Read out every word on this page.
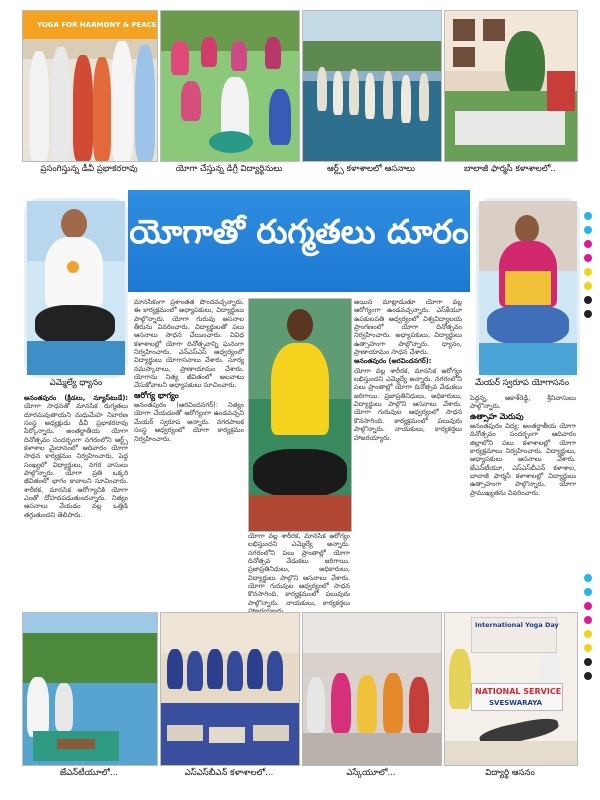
YOGA FOR HARMONY & PEACE
ప్రసంగిస్తున్న డీవీ ప్రభాకరరావు	యోగా చేస్తున్న డిగ్రీ విద్యార్థినులు	ఆర్ట్స్ కళాశాలలో ఆసనాలు	బాలాజీ ఫార్మసీ కళాశాలలో..
ఎమ్మెల్యే ధ్యానం
యోగాతో రుగ్మతలు దూరం
మేయర్ స్వరూప యోగాసనం

అనంతపురం (క్రీడలు, న్యూస్‌టుడే): యోగా సాధనతో మానసిక రుగ్మతలు దూరమవుతాయని మధుమేహ నివారణ సంస్థ అధ్యక్షుడు డీవీ ప్రభాకరరావు పేర్కొన్నారు. అంతర్జాతీయ యోగా దినోత్సవం సందర్భంగా నగరంలోని ఆర్ట్స్ కళాశాల మైదానంలో ఆదివారం యోగా సాధన కార్యక్రమం నిర్వహించారు. పెద్ద సంఖ్యలో విద్యార్థులు, నగర వాసులు పాల్గొన్నారు. యోగా ప్రతి ఒక్కరి జీవితంలో భాగం కావాలని సూచించారు. శారీరక, మానసిక ఆరోగ్యానికి యోగా ఎంతో దోహదపడుతుందన్నారు. నిత్యం ఆసనాలు వేయడం వల్ల ఒత్తిడి తగ్గుతుందని తెలిపారు.

మానసికంగా ప్రశాంతత పొందవచ్చన్నారు. ఈ కార్యక్రమంలో అధ్యాపకులు, విద్యార్థులు పాల్గొన్నారు. యోగా గురువు ఆసనాల తీరును వివరించారు. విద్యార్థులతో పలు ఆసనాలు సాధన చేయించారు. వివిధ కళాశాలల్లో యోగా దినోత్సవాన్ని ఘనంగా నిర్వహించారు. ఎన్‌ఎస్‌ఎస్ ఆధ్వర్యంలో విద్యార్థులు యోగాసనాలు వేశారు. సూర్య నమస్కారాలు, ప్రాణాయామం చేశారు. యోగాను నిత్య జీవితంలో అలవాటు చేసుకోవాలని అధ్యాపకులు సూచించారు.

ఆరోగ్య భాగ్యం

అనంతపురం (ఆరవిందనగర్): నిత్యం యోగా చేయడంతో ఆరోగ్యంగా ఉండవచ్చని మేయర్ స్వరూప అన్నారు. నగరపాలక సంస్థ ఆధ్వర్యంలో యోగా కార్యక్రమం నిర్వహించారు.

యోగా వల్ల శారీరక, మానసిక ఆరోగ్యం లభిస్తుందని ఎమ్మెల్యే అన్నారు. నగరంలోని పలు ప్రాంతాల్లో యోగా దినోత్సవ వేడుకలు జరిగాయి. ప్రజాప్రతినిధులు, అధికారులు, విద్యార్థులు పాల్గొని ఆసనాలు వేశారు. యోగా గురువుల ఆధ్వర్యంలో సాధన కొనసాగింది. కార్యక్రమంలో పలువురు పాల్గొన్నారు. నాయకులు, కార్యకర్తలు

అయిన మాట్లాడుతూ యోగా వల్ల ఆరోగ్యంగా ఉండవచ్చన్నారు. ఎస్‌కేయూ ఉపకులపతి ఆధ్వర్యంలో విశ్వవిద్యాలయ ప్రాంగణంలో యోగా దినోత్సవం నిర్వహించారు. అధ్యాపకులు, విద్యార్థులు ఉత్సాహంగా పాల్గొన్నారు. ధ్యానం, ప్రాణాయామం సాధన చేశారు.

అనంతపురం (ఆరవిందనగర్):

యోగా వల్ల శారీరక, మానసిక ఆరోగ్యం లభిస్తుందని ఎమ్మెల్యే అన్నారు. నగరంలోని పలు ప్రాంతాల్లో యోగా దినోత్సవ వేడుకలు జరిగాయి. ప్రజాప్రతినిధులు, అధికారులు, విద్యార్థులు పాల్గొని ఆసనాలు వేశారు. యోగా గురువుల ఆధ్వర్యంలో సాధన కొనసాగింది. కార్యక్రమంలో పలువురు పాల్గొన్నారు. నాయకులు, కార్యకర్తలు హాజరయ్యారు.

పెద్దన్న, ఆకాశ్‌రెడ్డి, శ్రీనివాసులు పాల్గొన్నారు.

ఉత్సాహ మెరుపు

అనంతపురం విద్య: అంతర్జాతీయ యోగా దినోత్సవం సందర్భంగా ఆదివారం జిల్లాలోని పలు కళాశాలల్లో యోగా కార్యక్రమాలు నిర్వహించారు. విద్యార్థులు, అధ్యాపకులు ఆసనాలు వేశారు. జేఎన్‌టీయూ, ఎస్‌ఎస్‌బీఎన్ కళాశాల, బాలాజీ ఫార్మసీ కళాశాలల్లో విద్యార్థులు ఉత్సాహంగా పాల్గొన్నారు. యోగా ప్రాముఖ్యతను వివరించారు.

జేఎన్‌టీయూలో...	ఎస్‌ఎస్‌బీఎన్ కళాశాలలో...	ఎస్కేయూలో...
International Yoga Day
NATIONAL SERVICE
SVESWARAYA
విద్యార్థి ఆసనం
